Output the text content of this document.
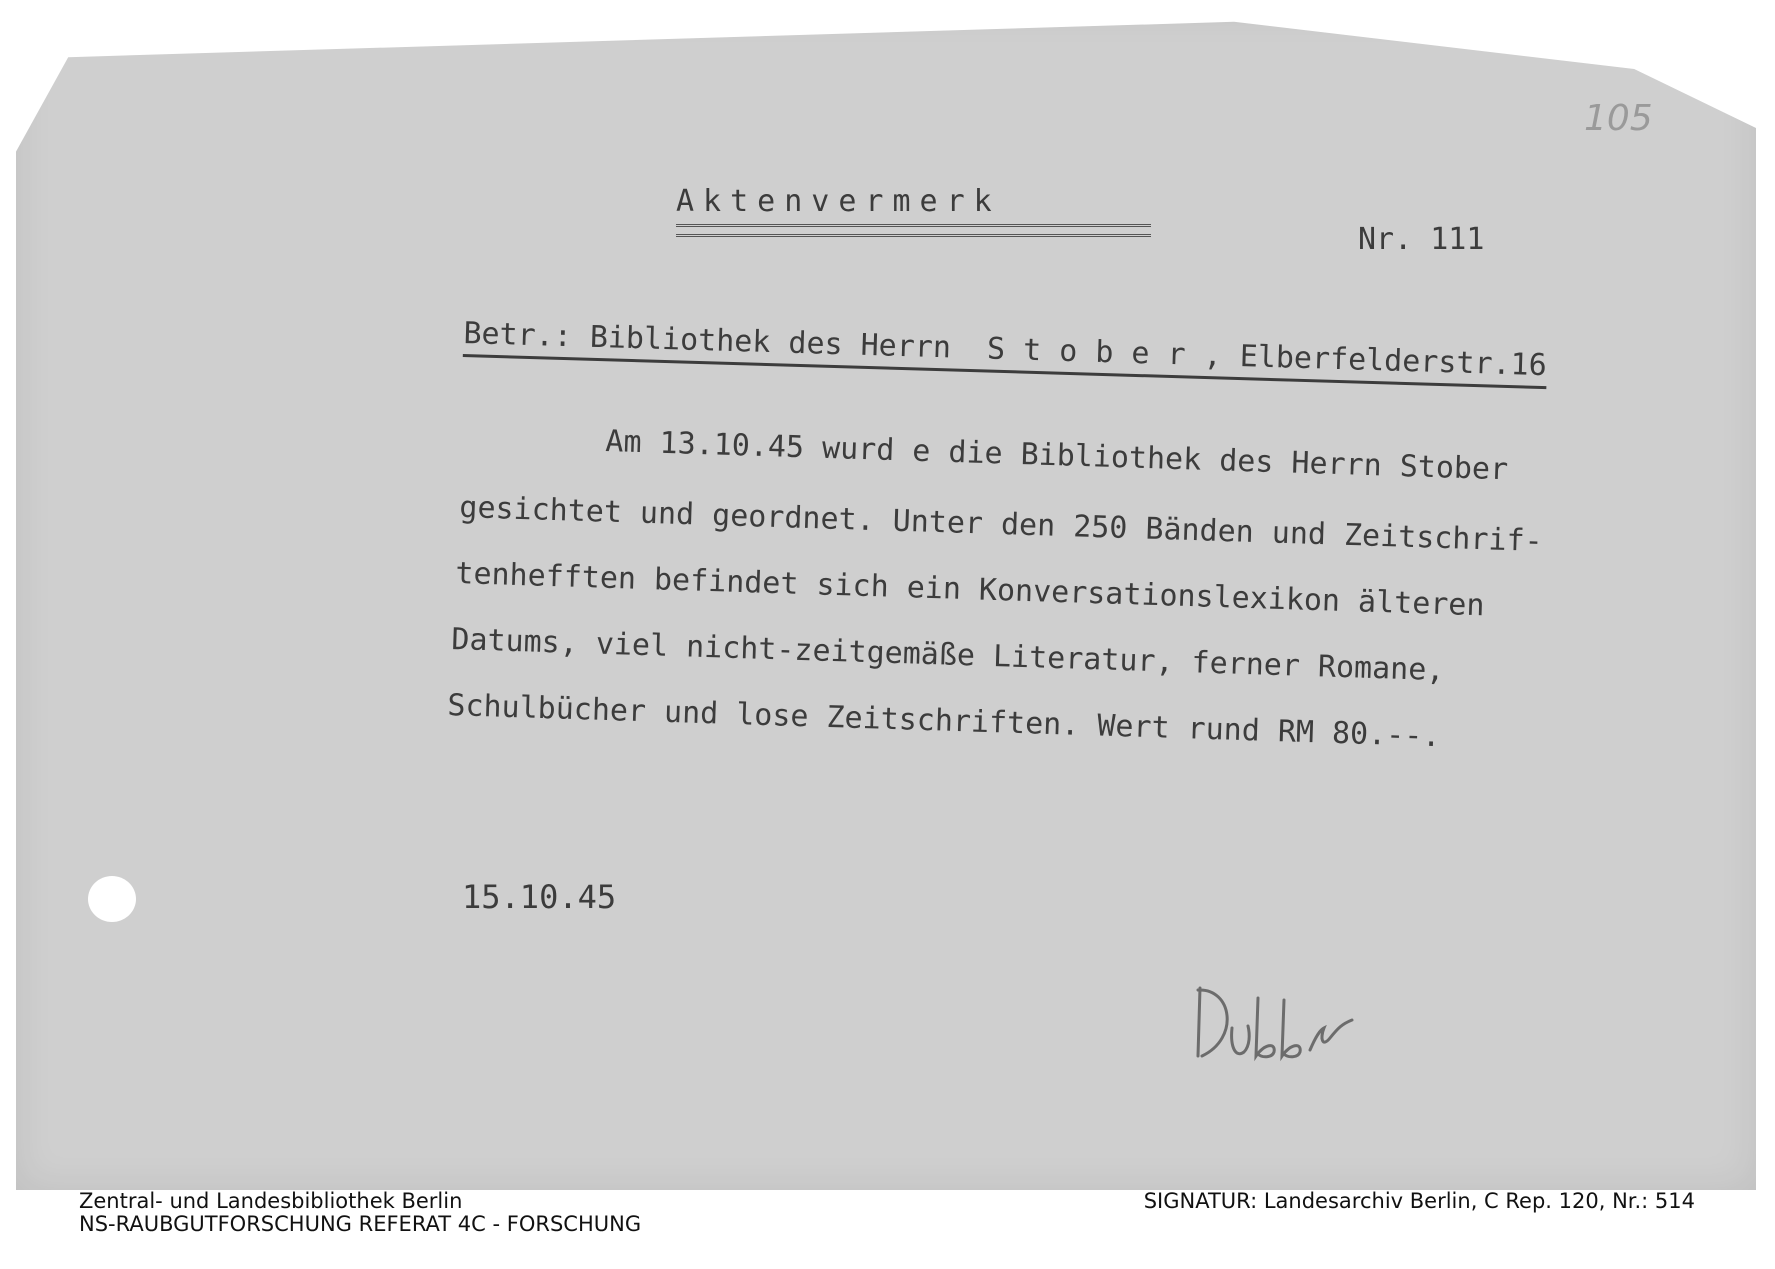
105
Aktenvermerk
Nr. 111
Betr.: Bibliothek des Herrn  S t o b e r , Elberfelderstr.16
Am 13.10.45 wurd e die Bibliothek des Herrn Stober
gesichtet und geordnet. Unter den 250 Bänden und Zeitschrif-
tenhefften befindet sich ein Konversationslexikon älteren
Datums, viel nicht-zeitgemäße Literatur, ferner Romane,
Schulbücher und lose Zeitschriften. Wert rund RM 80.--.
15.10.45
Zentral- und Landesbibliothek Berlin
NS-RAUBGUTFORSCHUNG REFERAT 4C - FORSCHUNG
SIGNATUR: Landesarchiv Berlin, C Rep. 120, Nr.: 514
